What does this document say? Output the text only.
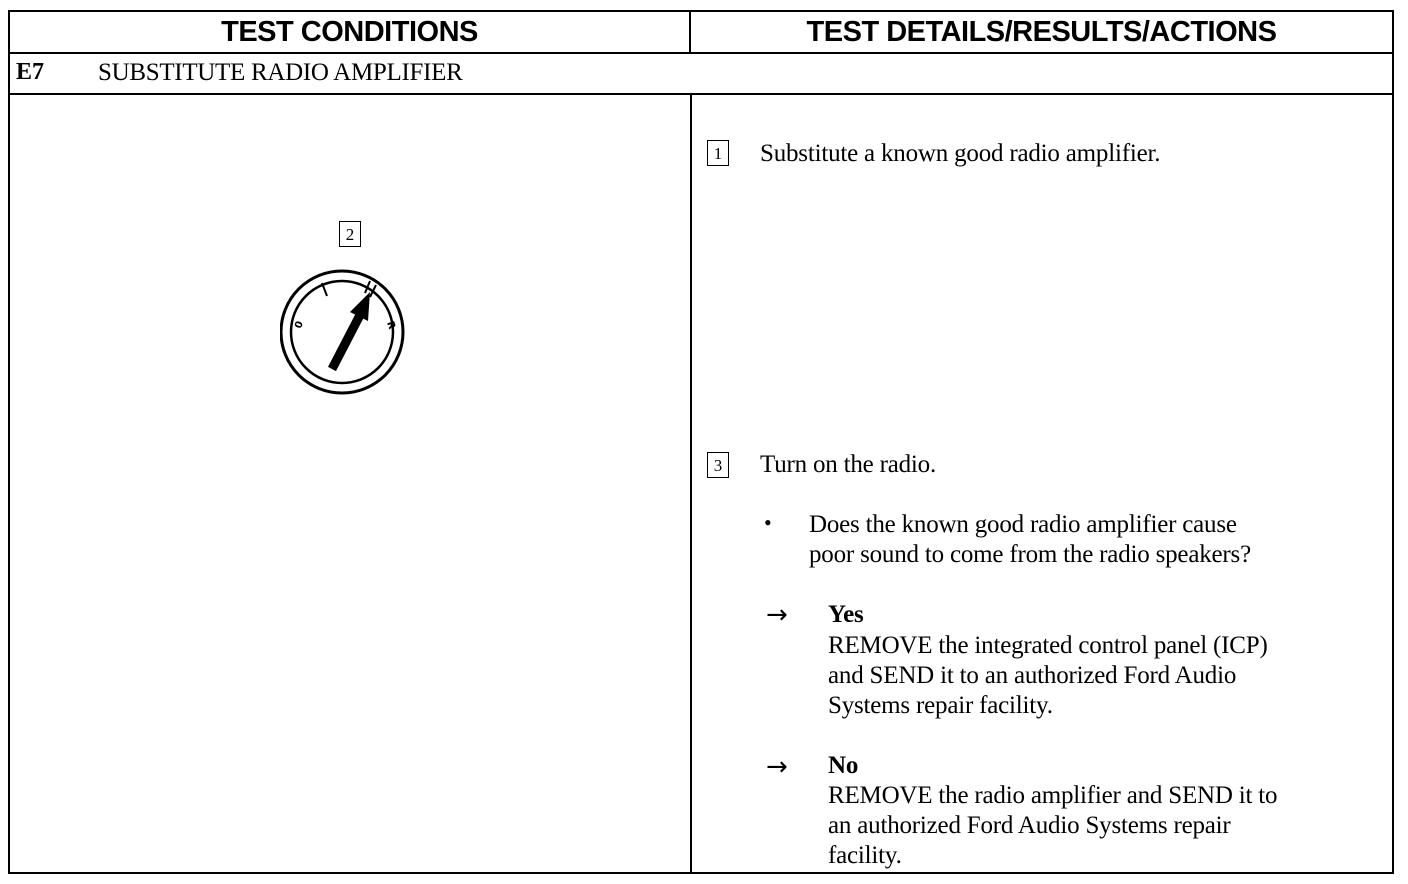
TEST CONDITIONS	TEST DETAILS/RESULTS/ACTIONS
E7 SUBSTITUTE RADIO AMPLIFIER
2
0	R
1 Substitute a known good radio amplifier.
3 Turn on the radio.
• Does the known good radio amplifier cause
poor sound to come from the radio speakers?
→ Yes
REMOVE the integrated control panel (ICP)
and SEND it to an authorized Ford Audio
Systems repair facility.
→ No
REMOVE the radio amplifier and SEND it to
an authorized Ford Audio Systems repair
facility.
